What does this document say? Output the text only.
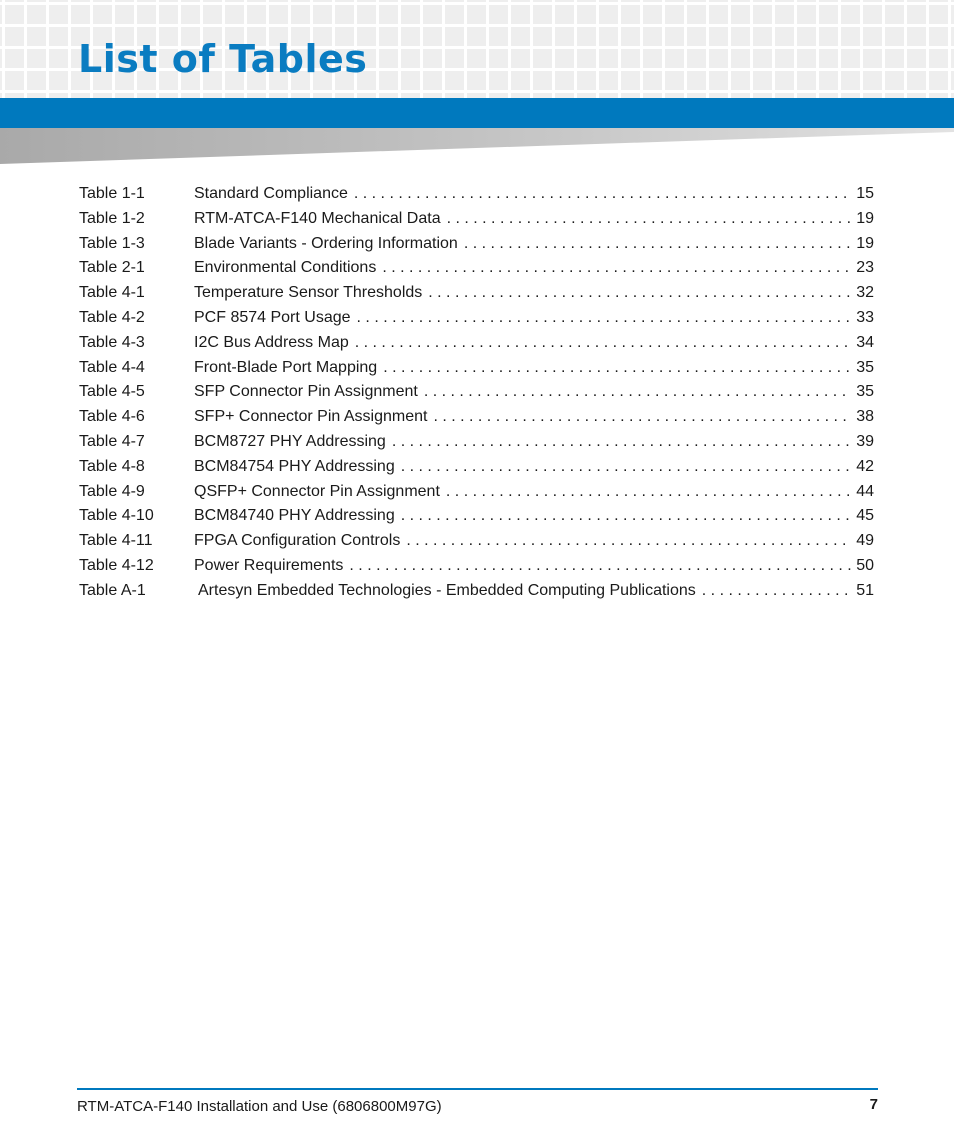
List of Tables
Table 1-1	Standard Compliance . . .	15
Table 1-2	RTM-ATCA-F140 Mechanical Data . . .	19
Table 1-3	Blade Variants - Ordering Information . . .	19
Table 2-1	Environmental Conditions . . .	23
Table 4-1	Temperature Sensor Thresholds . . .	32
Table 4-2	PCF 8574 Port Usage . . .	33
Table 4-3	I2C Bus Address Map . . .	34
Table 4-4	Front-Blade Port Mapping . . .	35
Table 4-5	SFP Connector Pin Assignment . . .	35
Table 4-6	SFP+ Connector Pin Assignment . . .	38
Table 4-7	BCM8727 PHY Addressing . . .	39
Table 4-8	BCM84754 PHY Addressing . . .	42
Table 4-9	QSFP+ Connector Pin Assignment . . .	44
Table 4-10	BCM84740 PHY Addressing . . .	45
Table 4-11	FPGA Configuration Controls . . .	49
Table 4-12	Power Requirements . . .	50
Table A-1	Artesyn Embedded Technologies - Embedded Computing Publications . . .	51
RTM-ATCA-F140 Installation and Use (6806800M97G)	7
